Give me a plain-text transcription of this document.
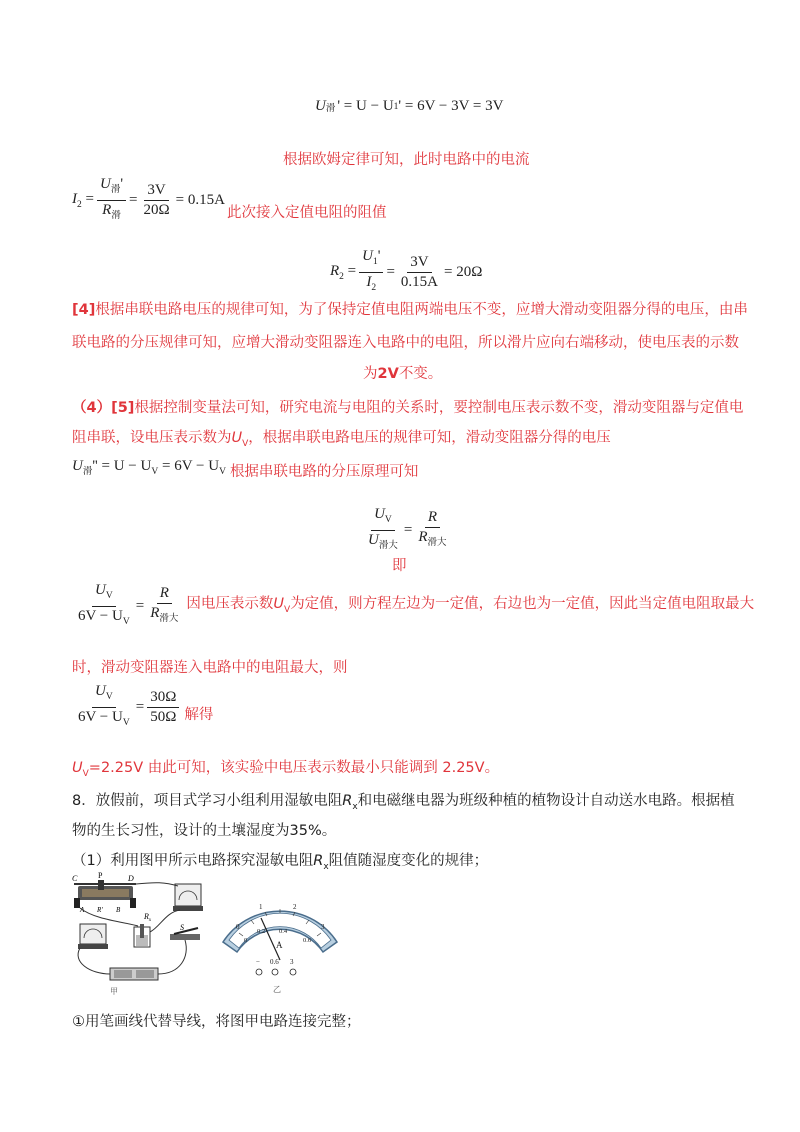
U 滑 ' = U − U 1 ' = 6V − 3V = 3V
根据欧姆定律可知，此时电路中的电流
$I_2 = \frac{U_滑'}{R_滑} = \frac{3V}{20\Omega} = 0.15A$
此次接入定值电阻的阻值
$R_2 = \frac{U_1'}{I_2} = \frac{3V}{0.15A} = 20\Omega$
[4]根据串联电路电压的规律可知，为了保持定值电阻两端电压不变，应增大滑动变阻器分得的电压，由串
联电路的分压规律可知，应增大滑动变阻器连入电路中的电阻，所以滑片应向右端移动，使电压表的示数
为2V不变。
（4）[5]根据控制变量法可知，研究电流与电阻的关系时，要控制电压表示数不变，滑动变阻器与定值电
阻串联，设电压表示数为$U_V$，根据串联电路电压的规律可知，滑动变阻器分得的电压
$U_滑'' = U - U_V = 6V - U_V$ 根据串联电路的分压原理可知
$\frac{U_V}{U_{滑大}} = \frac{R}{R_{滑大}}$
即
$\frac{U_V}{6V - U_V} = \frac{R}{R_{滑大}}$ 因电压表示数$U_V$为定值，则方程左边为一定值，右边也为一定值，因此当定值电阻取最大
时，滑动变阻器连入电路中的电阻最大，则
$\frac{U_V}{6V - U_V} = \frac{30\Omega}{50\Omega}$ 解得
$U_V=2.25V$ 由此可知，该实验中电压表示数最小只能调到 2.25V。
8．放假前，项目式学习小组利用湿敏电阻$R_x$和电磁继电器为班级种植的植物设计自动送水电路。根据植
物的生长习性，设计的土壤湿度为35%。
（1）利用图甲所示电路探究湿敏电阻$R_x$阻值随湿度变化的规律；
C	P	D
A R' B
$R_x$
S
甲
0
1	2
3
0
0.2 0.4
0.6
A
− 0.6 3
乙
①用笔画线代替导线，将图甲电路连接完整；
